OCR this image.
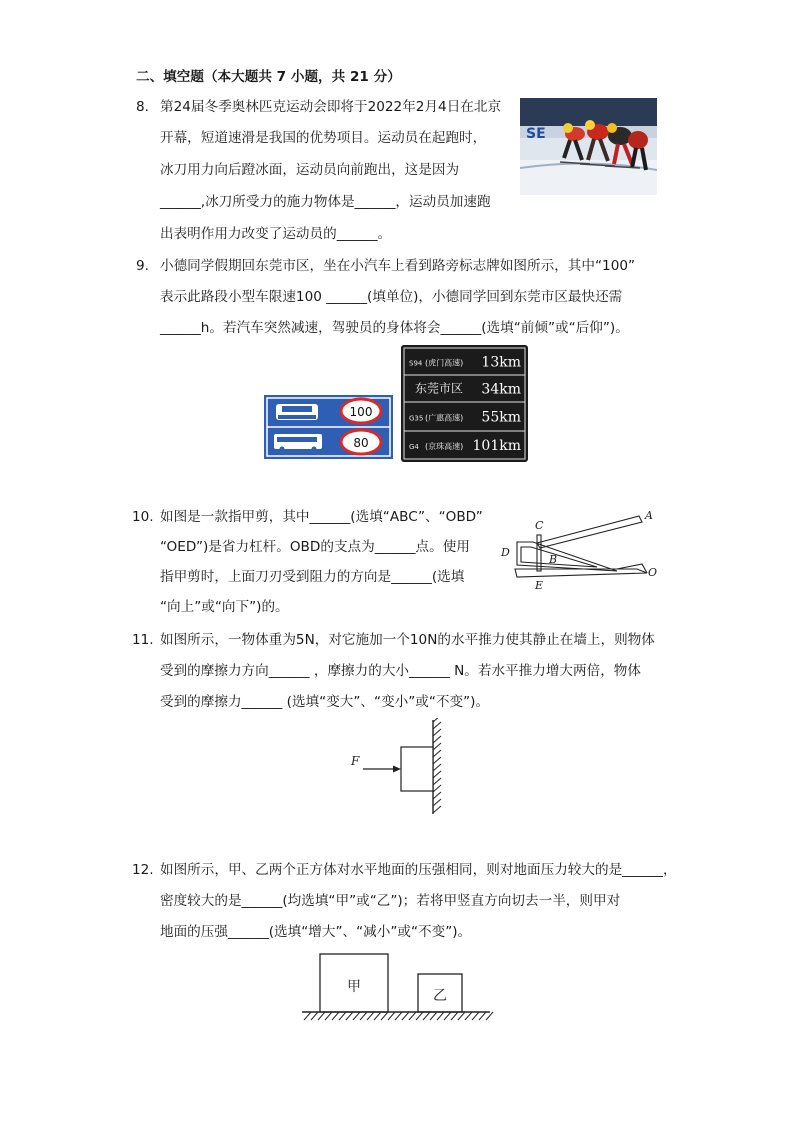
二、填空题（本大题共 7 小题，共 21 分）
8. 第24届冬季奥林匹克运动会即将于2022年2月4日在北京
开幕，短道速滑是我国的优势项目。运动员在起跑时，
冰刀用力向后蹬冰面，运动员向前跑出，这是因为
______,冰刀所受力的施力物体是______，运动员加速跑
出表明作用力改变了运动员的______。
SE
9. 小德同学假期回东莞市区，坐在小汽车上看到路旁标志牌如图所示，其中“100”
表示此路段小型车限速100 ______(填单位)，小德同学回到东莞市区最快还需
______h。若汽车突然减速，驾驶员的身体将会______(选填“前倾”或“后仰”)。
100
80
S94 (虎门高速) 13km
东莞市区 34km
G35 (广惠高速) 55km
G4 (京珠高速) 101km
10. 如图是一款指甲剪，其中______(选填“ABC”、“OBD”
“OED”)是省力杠杆。OBD的支点为______点。使用
指甲剪时，上面刀刃受到阻力的方向是______(选填
“向上”或“向下”)的。
C
A
D
B
O
E
11. 如图所示，一物体重为5N，对它施加一个10N的水平推力使其静止在墙上，则物体
受到的摩擦力方向______ ，摩擦力的大小______ N。若水平推力增大两倍，物体
受到的摩擦力______ (选填“变大”、“变小”或“不变”)。
F
12. 如图所示，甲、乙两个正方体对水平地面的压强相同，则对地面压力较大的是______，
密度较大的是______(均选填“甲”或“乙”)；若将甲竖直方向切去一半，则甲对
地面的压强______(选填“增大”、“减小”或“不变”)。
甲
乙
